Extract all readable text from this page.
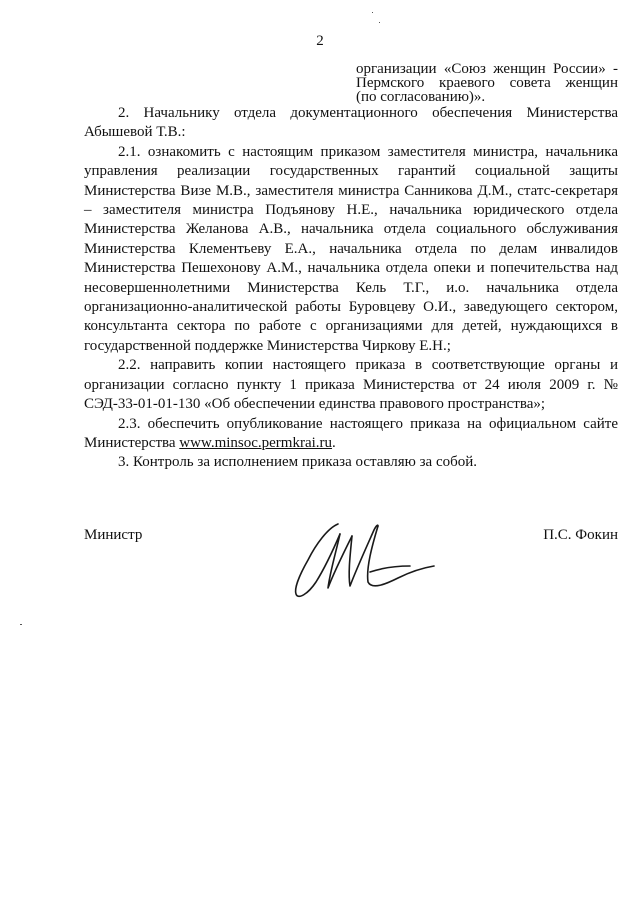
2
организации «Союз женщин России» -
Пермского краевого совета женщин
(по согласованию)».

2. Начальнику отдела документационного обеспечения Министерства Абышевой Т.В.:

2.1. ознакомить с настоящим приказом заместителя министра, начальника управления реализации государственных гарантий социальной защиты Министерства Визе М.В., заместителя министра Санникова Д.М., статс-секретаря – заместителя министра Подъянову Н.Е., начальника юридического отдела Министерства Желанова А.В., начальника отдела социального обслуживания Министерства Клементьеву Е.А., начальника отдела по делам инвалидов Министерства Пешехонову А.М., начальника отдела опеки и попечительства над несовершеннолетними Министерства Кель Т.Г., и.о. начальника отдела организационно-аналитической работы Буровцеву О.И., заведующего сектором, консультанта сектора по работе с организациями для детей, нуждающихся в государственной поддержке Министерства Чиркову Е.Н.;

2.2. направить копии настоящего приказа в соответствующие органы и организации согласно пункту 1 приказа Министерства от 24 июля 2009 г. № СЭД-33-01-01-130 «Об обеспечении единства правового пространства»;

2.3. обеспечить опубликование настоящего приказа на официальном сайте Министерства www.minsoc.permkrai.ru.

3. Контроль за исполнением приказа оставляю за собой.

Министр	П.С. Фокин
